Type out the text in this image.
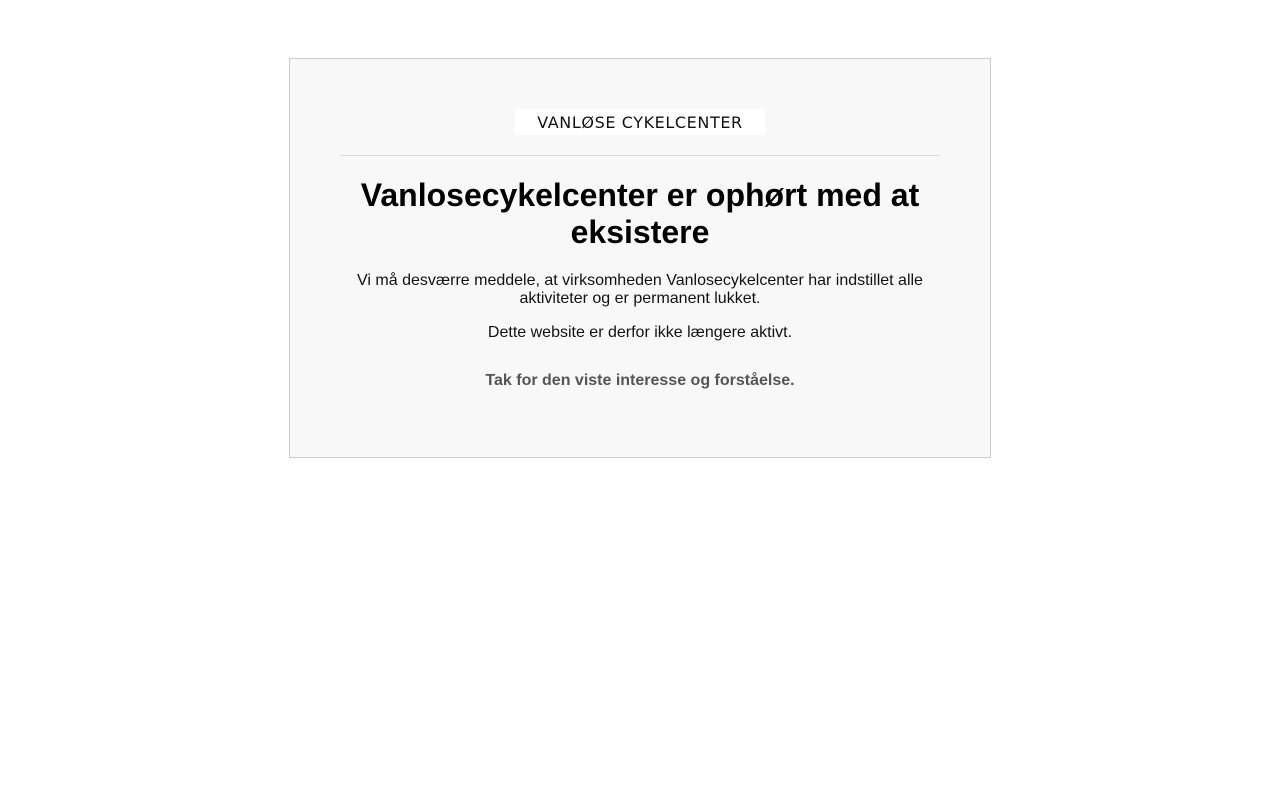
VANLØSE CYKELCENTER
Vanlosecykelcenter er ophørt med at eksistere

Vi må desværre meddele, at virksomheden Vanlosecykelcenter har indstillet alle aktiviteter og er permanent lukket.

Dette website er derfor ikke længere aktivt.

Tak for den viste interesse og forståelse.
